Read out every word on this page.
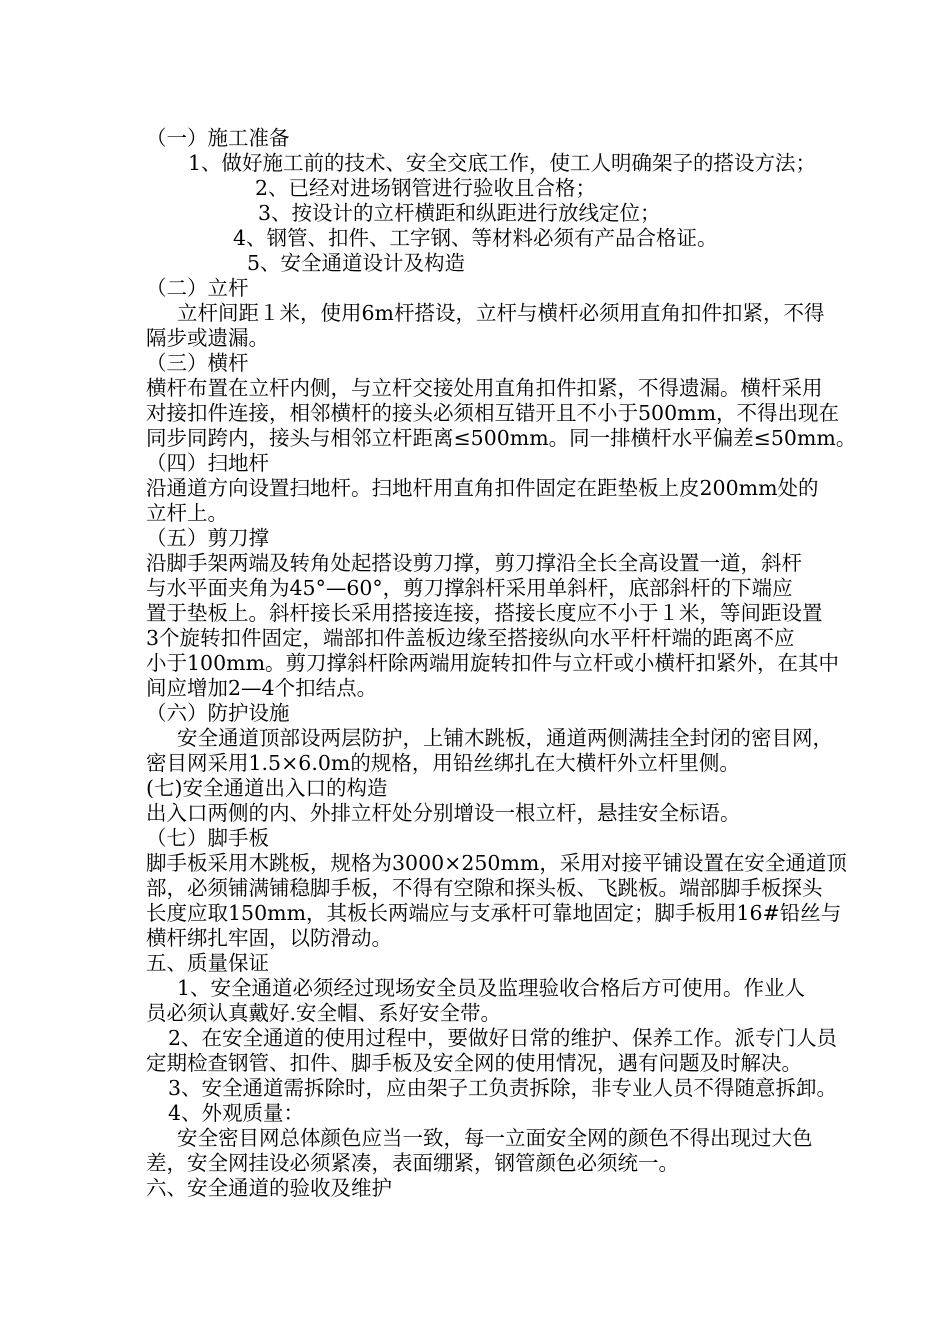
（一）施工准备
1、做好施工前的技术、安全交底工作，使工人明确架子的搭设方法；
2、已经对进场钢管进行验收且合格；
3、按设计的立杆横距和纵距进行放线定位；
4、钢管、扣件、工字钢、等材料必须有产品合格证。
5、安全通道设计及构造
（二）立杆
立杆间距１米，使用6m杆搭设，立杆与横杆必须用直角扣件扣紧，不得
隔步或遗漏。
（三）横杆
横杆布置在立杆内侧，与立杆交接处用直角扣件扣紧，不得遗漏。横杆采用
对接扣件连接，相邻横杆的接头必须相互错开且不小于500mm，不得出现在
同步同跨内，接头与相邻立杆距离≤500mm。同一排横杆水平偏差≤50mm。
（四）扫地杆
沿通道方向设置扫地杆。扫地杆用直角扣件固定在距垫板上皮200mm处的
立杆上。
（五）剪刀撑
沿脚手架两端及转角处起搭设剪刀撑，剪刀撑沿全长全高设置一道，斜杆
与水平面夹角为45°—60°，剪刀撑斜杆采用单斜杆，底部斜杆的下端应
置于垫板上。斜杆接长采用搭接连接，搭接长度应不小于１米，等间距设置
3个旋转扣件固定，端部扣件盖板边缘至搭接纵向水平杆杆端的距离不应
小于100mm。剪刀撑斜杆除两端用旋转扣件与立杆或小横杆扣紧外，在其中
间应增加2—4个扣结点。
（六）防护设施
安全通道顶部设两层防护，上铺木跳板，通道两侧满挂全封闭的密目网，
密目网采用1.5×6.0m的规格，用铅丝绑扎在大横杆外立杆里侧。
(七)安全通道出入口的构造
出入口两侧的内、外排立杆处分别增设一根立杆，悬挂安全标语。
（七）脚手板
脚手板采用木跳板，规格为3000×250mm，采用对接平铺设置在安全通道顶
部，必须铺满铺稳脚手板，不得有空隙和探头板、飞跳板。端部脚手板探头
长度应取150mm，其板长两端应与支承杆可靠地固定；脚手板用16#铅丝与
横杆绑扎牢固，以防滑动。
五、质量保证
1、安全通道必须经过现场安全员及监理验收合格后方可使用。作业人
员必须认真戴好.安全帽、系好安全带。
2、在安全通道的使用过程中，要做好日常的维护、保养工作。派专门人员
定期检查钢管、扣件、脚手板及安全网的使用情况，遇有问题及时解决。
3、安全通道需拆除时，应由架子工负责拆除，非专业人员不得随意拆卸。
4、外观质量：
安全密目网总体颜色应当一致，每一立面安全网的颜色不得出现过大色
差，安全网挂设必须紧凑，表面绷紧，钢管颜色必须统一。
六、安全通道的验收及维护
